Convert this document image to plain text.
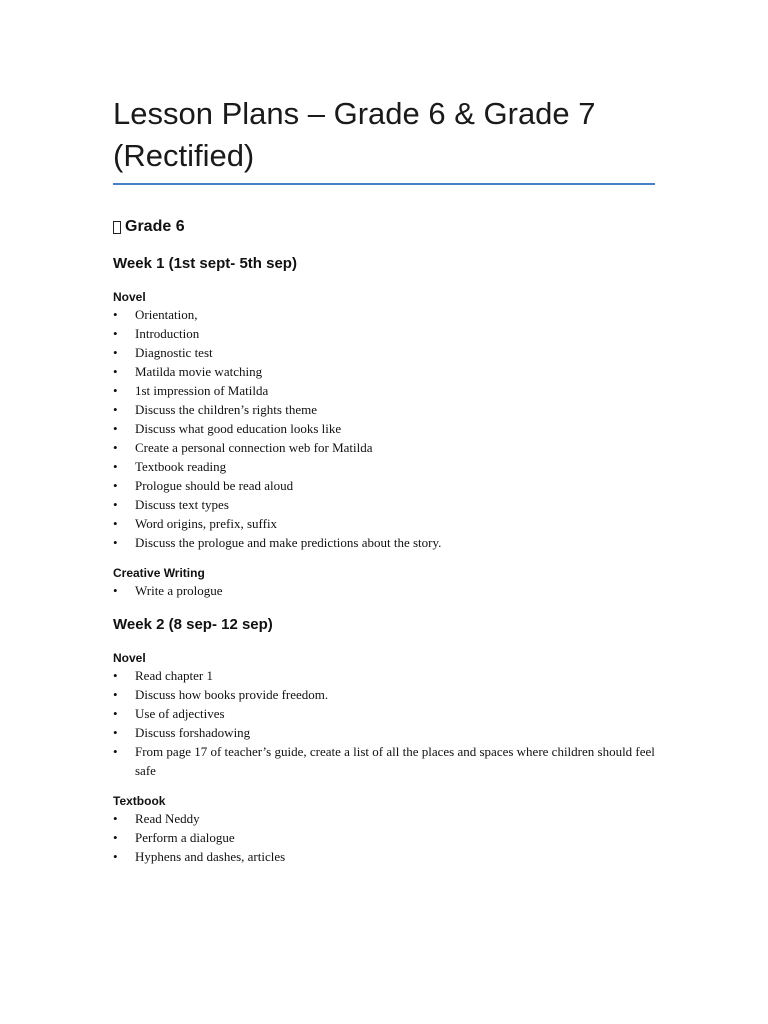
Lesson Plans – Grade 6 & Grade 7 (Rectified)
Grade 6
Week 1 (1st sept- 5th sep)
Novel
• Orientation,
• Introduction
• Diagnostic test
• Matilda movie watching
• 1st impression of Matilda
• Discuss the children’s rights theme
• Discuss what good education looks like
• Create a personal connection web for Matilda
• Textbook reading
• Prologue should be read aloud
• Discuss text types
• Word origins, prefix, suffix
• Discuss the prologue and make predictions about the story.
Creative Writing
• Write a prologue
Week 2 (8 sep- 12 sep)
Novel
• Read chapter 1
• Discuss how books provide freedom.
• Use of adjectives
• Discuss forshadowing
• From page 17 of teacher’s guide, create a list of all the places and spaces where children should feel safe
Textbook
• Read Neddy
• Perform a dialogue
• Hyphens and dashes, articles
